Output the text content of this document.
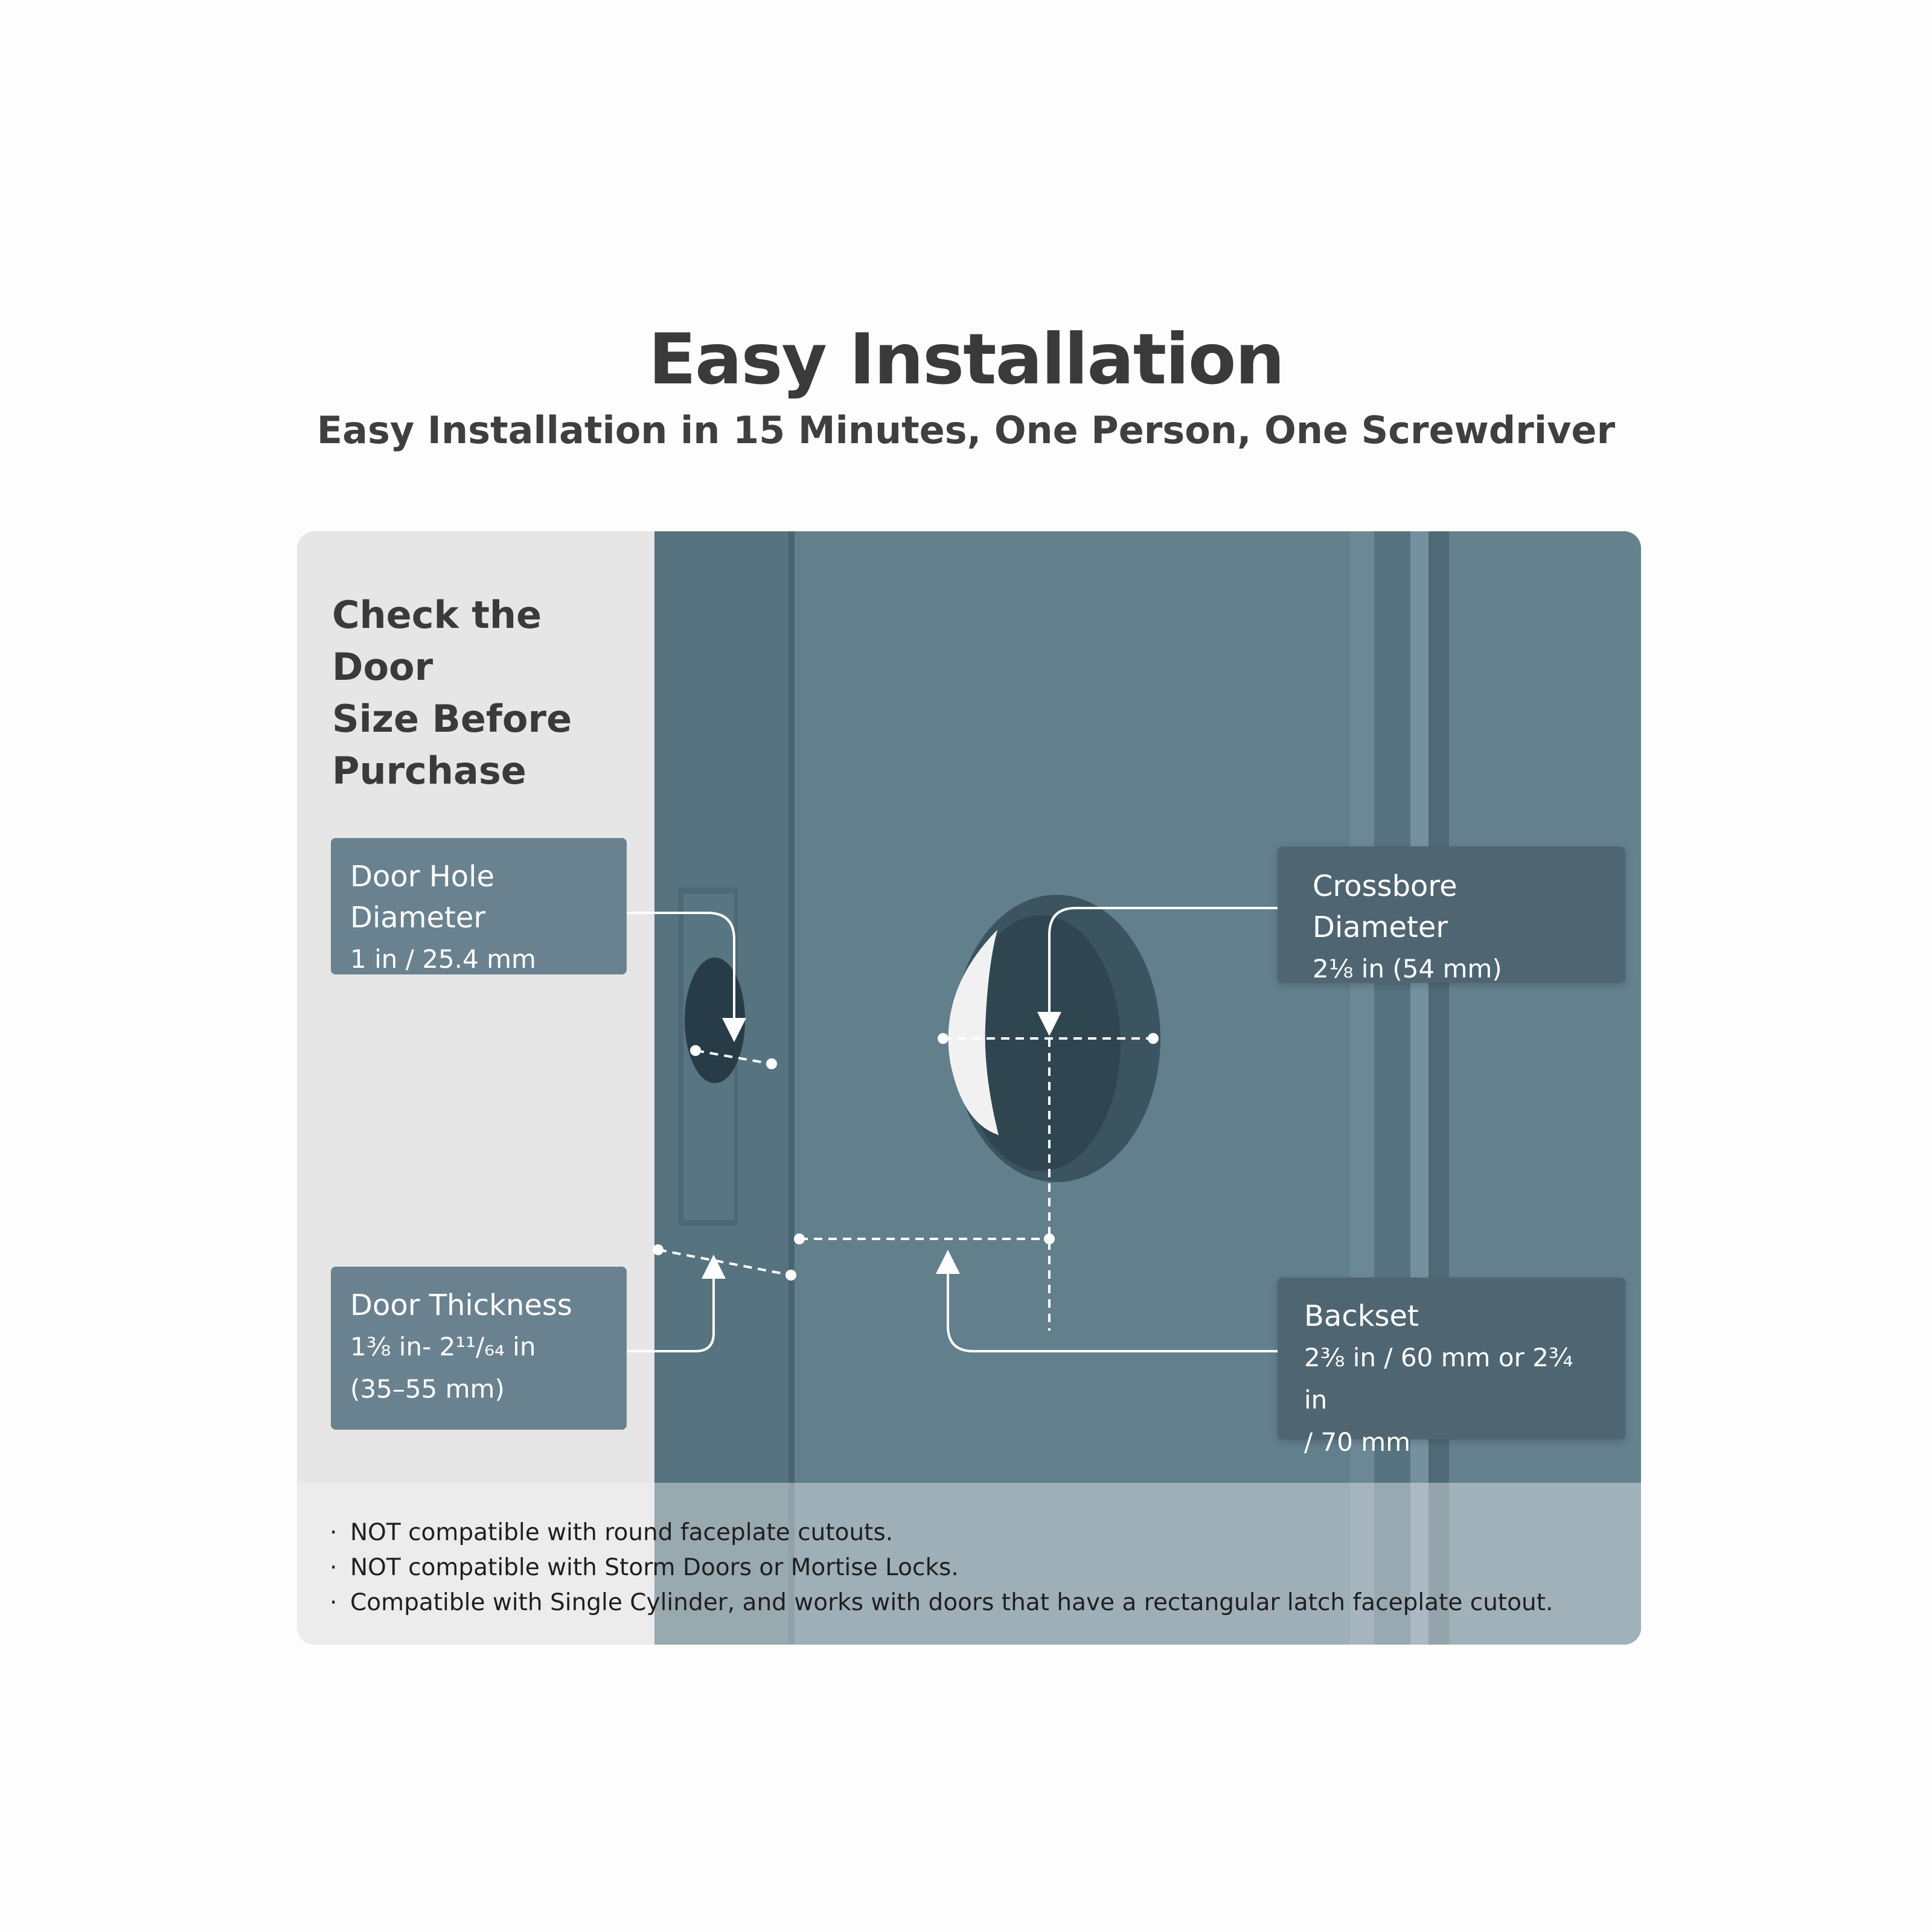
Easy Installation
Easy Installation in 15 Minutes, One Person, One Screwdriver
Check the Door
Size Before
Purchase
Door Hole Diameter
1 in / 25.4 mm
Door Thickness
1⅜ in- 2¹¹/₆₄ in
(35–55 mm)
Crossbore Diameter
2⅛ in (54 mm)
Backset
2⅜ in / 60 mm or 2¾ in
/ 70 mm
· NOT compatible with round faceplate cutouts.
· NOT compatible with Storm Doors or Mortise Locks.
· Compatible with Single Cylinder, and works with doors that have a rectangular latch faceplate cutout.
